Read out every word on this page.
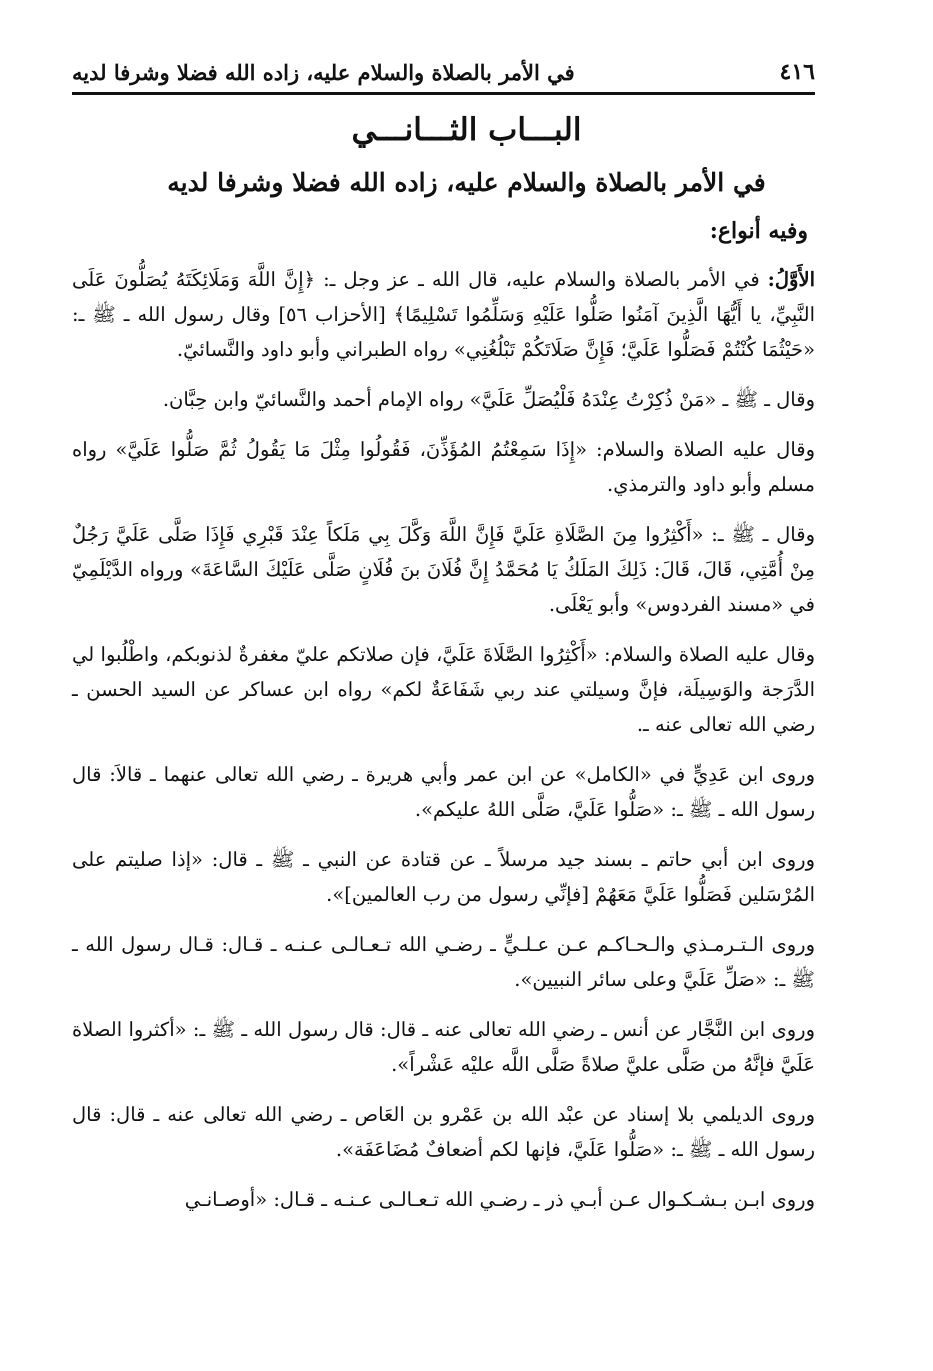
٤١٦
في الأمر بالصلاة والسلام عليه، زاده الله فضلا وشرفا لديه
البـــاب الثـــانـــي
في الأمر بالصلاة والسلام عليه، زاده الله فضلا وشرفا لديه
وفيه أنواع:

الأَوَّلُ: في الأمر بالصلاة والسلام عليه، قال الله ـ عز وجل ـ: ﴿إِنَّ اللَّهَ وَمَلَائِكَتَهُ يُصَلُّونَ عَلَى النَّبِيِّ، يا أَيُّهَا الَّذِينَ آمَنُوا صَلُّوا عَلَيْهِ وَسَلِّمُوا تَسْلِيمًا﴾ [الأحزاب ٥٦] وقال رسول الله ـ ﷺ ـ: «حَيْثُمَا كُنْتُمْ فَصَلُّوا عَلَيَّ؛ فَإِنَّ صَلَاتَكُمْ تَبْلُغُنِي» رواه الطبراني وأبو داود والنَّسائيّ.

وقال ـ ﷺ ـ «مَنْ ذُكِرْتُ عِنْدَهُ فَلْيُصَلِّ عَلَيَّ» رواه الإمام أحمد والنَّسائيّ وابن حِبَّان.

وقال عليه الصلاة والسلام: «إِذَا سَمِعْتُمُ المُؤَذِّنَ، فَقُولُوا مِثْلَ مَا يَقُولُ ثُمَّ صَلُّوا عَلَيَّ» رواه مسلم وأبو داود والترمذي.

وقال ـ ﷺ ـ: «أَكْثِرُوا مِنَ الصَّلَاةِ عَلَيَّ فَإِنَّ اللَّهَ وَكَّلَ بِي مَلَكاً عِنْدَ قَبْرِي فَإِذَا صَلَّى عَلَيَّ رَجُلٌ مِنْ أُمَّتِي، قَالَ، قَالَ: ذَلِكَ المَلَكُ يَا مُحَمَّدُ إِنَّ فُلَانَ بنَ فُلَانٍ صَلَّى عَلَيْكَ السَّاعَةَ» ورواه الدَّيْلَمِيّ في «مسند الفردوس» وأبو يَعْلَى.

وقال عليه الصلاة والسلام: «أَكْثِرُوا الصَّلَاةَ عَلَيَّ، فإن صلاتكم عليّ مغفرةٌ لذنوبكم، واطْلُبوا لي الدَّرَجة والوَسِيلَة، فإنَّ وسيلتي عند ربي شَفَاعَةٌ لكم» رواه ابن عساكر عن السيد الحسن ـ رضي الله تعالى عنه ـ.

وروى ابن عَدِيٍّ في «الكامل» عن ابن عمر وأبي هريرة ـ رضي الله تعالى عنهما ـ قالاَ: قال رسول الله ـ ﷺ ـ: «صَلُّوا عَلَيَّ، صَلَّى اللهُ عليكم».

وروى ابن أبي حاتم ـ بسند جيد مرسلاً ـ عن قتادة عن النبي ـ ﷺ ـ قال: «إذا صليتم على المُرْسَلين فَصَلُّوا عَلَيَّ مَعَهُمْ [فإنِّي رسول من رب العالمين]».

وروى الـتـرمـذي والـحـاكـم عـن عـلـيٍّ ـ رضـي الله تـعـالـى عـنـه ـ قـال: قـال رسول الله ـ ﷺ ـ: «صَلِّ عَلَيَّ وعلى سائر النبيين».

وروى ابن النَّجَّار عن أنس ـ رضي الله تعالى عنه ـ قال: قال رسول الله ـ ﷺ ـ: «أكثروا الصلاة عَلَيَّ فإنَّهُ من صَلَّى عليَّ صلاةً صَلَّى اللَّه عليْه عَشْراً».

وروى الديلمي بلا إسناد عن عبْد الله بن عَمْرو بن العَاص ـ رضي الله تعالى عنه ـ قال: قال رسول الله ـ ﷺ ـ: «صَلُّوا عَلَيَّ، فإنها لكم أضعافٌ مُضَاعَفَة».

وروى ابـن بـشـكـوال عـن أبـي ذر ـ رضـي الله تـعـالـى عـنـه ـ قـال: «أوصـانـي
